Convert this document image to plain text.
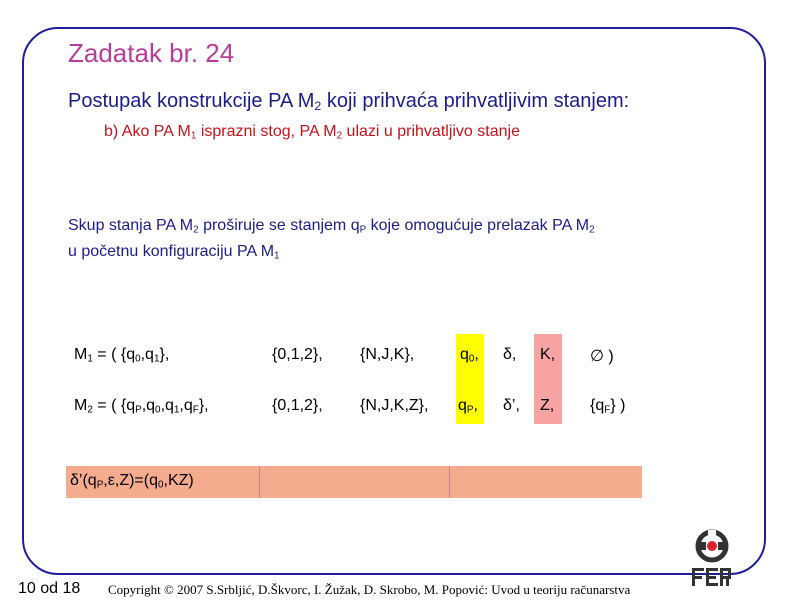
Zadatak br. 24
Postupak konstrukcije PA $M_2$ koji prihvaća prihvatljivim stanjem:
b) Ako PA $M_1$ isprazni stog, PA $M_2$ ulazi u prihvatljivo stanje
Skup stanja PA $M_2$ proširuje se stanjem $q_P$ koje omogućuje prelazak PA $M_2$
u početnu konfiguraciju PA $M_1$
$M_1$ = ( $\{q_0,q_1\}$,	{0,1,2}, {N,J,K},	$q_0$, δ, K, ∅ )
$M_2$ = ( $\{q_P,q_0,q_1,q_F\}$,	{0,1,2}, {N,J,K,Z}, $q_P$, δ’, Z, $\{q_F\}$ )
$\delta’(q_P,\varepsilon,Z)=(q_0,KZ)$
10 od 18 Copyright © 2007 S.Srbljić, D.Škvorc, I. Žužak, D. Skrobo, M. Popović: Uvod u teoriju računarstva
